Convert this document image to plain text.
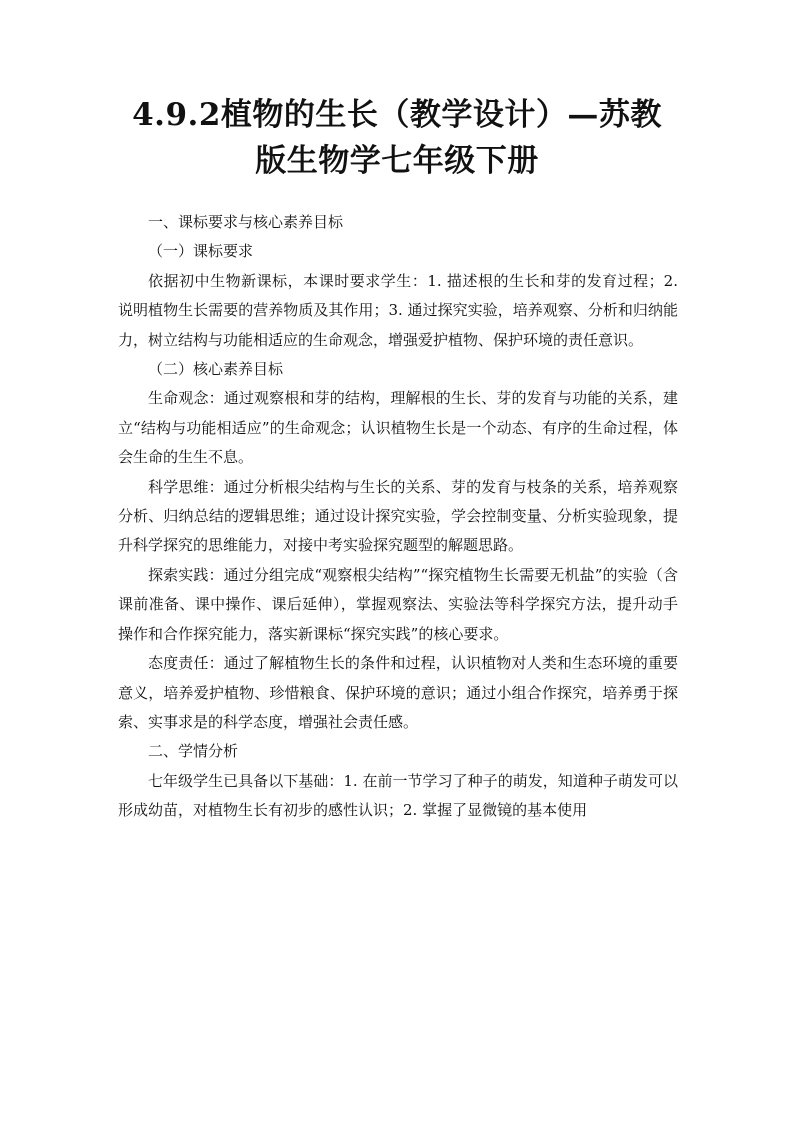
4.9.2植物的生长（教学设计）—苏教
版生物学七年级下册

一、课标要求与核心素养目标

（一）课标要求

依据初中生物新课标，本课时要求学生：1. 描述根的生长和芽的发育过程；2. 说明植物生长需要的营养物质及其作用；3. 通过探究实验，培养观察、分析和归纳能力，树立结构与功能相适应的生命观念，增强爱护植物、保护环境的责任意识。

（二）核心素养目标

生命观念：通过观察根和芽的结构，理解根的生长、芽的发育与功能的关系，建立“结构与功能相适应”的生命观念；认识植物生长是一个动态、有序的生命过程，体会生命的生生不息。

科学思维：通过分析根尖结构与生长的关系、芽的发育与枝条的关系，培养观察分析、归纳总结的逻辑思维；通过设计探究实验，学会控制变量、分析实验现象，提升科学探究的思维能力，对接中考实验探究题型的解题思路。

探索实践：通过分组完成“观察根尖结构”“探究植物生长需要无机盐”的实验（含课前准备、课中操作、课后延伸），掌握观察法、实验法等科学探究方法，提升动手操作和合作探究能力，落实新课标“探究实践”的核心要求。

态度责任：通过了解植物生长的条件和过程，认识植物对人类和生态环境的重要意义，培养爱护植物、珍惜粮食、保护环境的意识；通过小组合作探究，培养勇于探索、实事求是的科学态度，增强社会责任感。

二、学情分析

七年级学生已具备以下基础：1. 在前一节学习了种子的萌发，知道种子萌发可以形成幼苗，对植物生长有初步的感性认识；2. 掌握了显微镜的基本使用
